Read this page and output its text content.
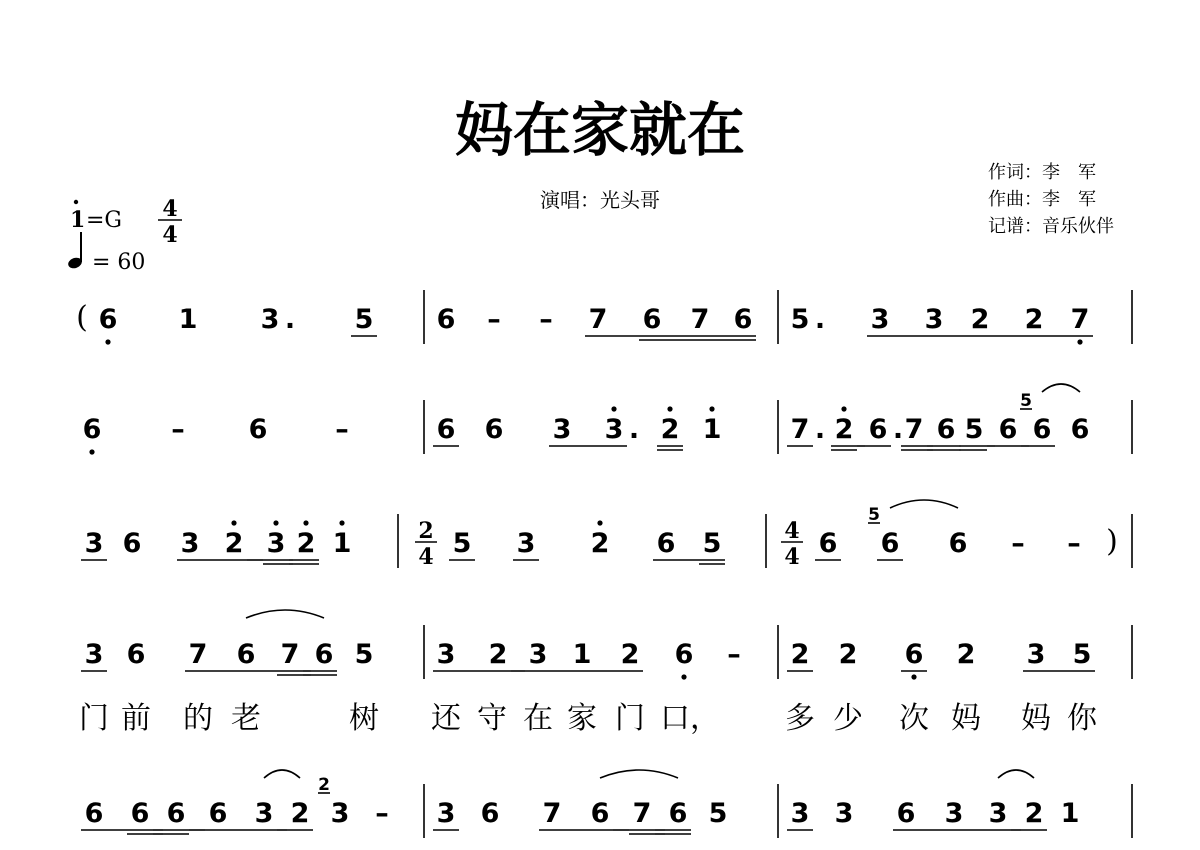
妈在家就在
演唱：光头哥
作词：李　军
作曲：李　军
记谱：音乐伙伴
1 =G 4
4
= 60
( 6 1 3 . 5 6 – – 7 6 7 6 5 . 3 3 2 2 7
6	– 6	–	6 6 3 3 . 2 1	7 . 2 6 . 7 6 5 6 6 6
3 6 3 2 3 2 1	5 3 2 6 5	6 6 6 – – )
3 6 7 6 7 6 5 3 2 3 1 2 6 – 2 2 6 2 3 5
6 6 6 6 3 2 3 – 3 6 7 6 7 6 5 3 3 6 3 3 2 1
5
5
2
2
4
4
4
门 前 的 老	树 还 守 在 家 门 口， 多 少 次 妈 妈 你
